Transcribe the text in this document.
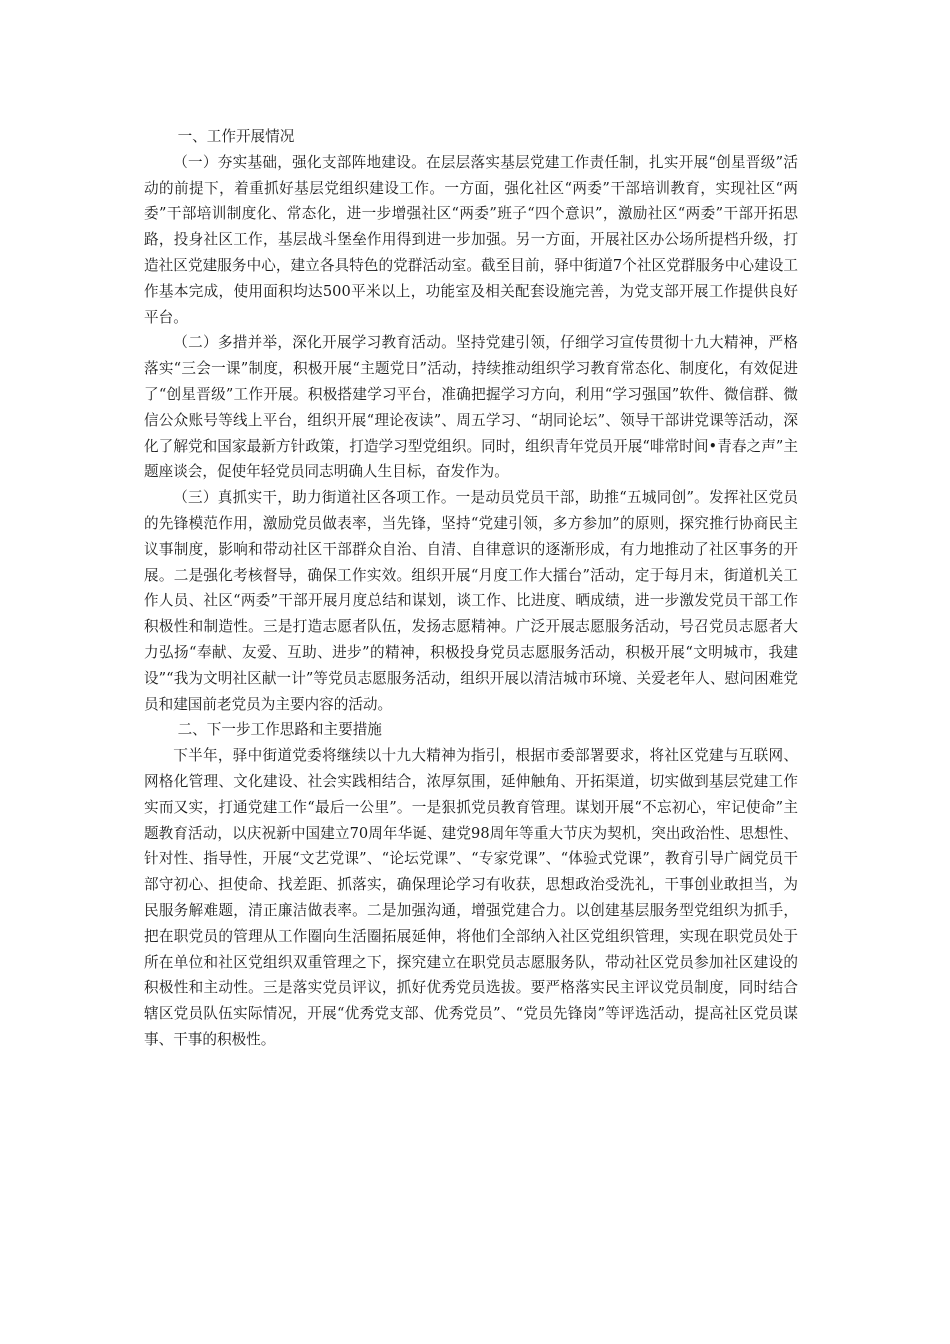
一、工作开展情况

（一）夯实基础，强化支部阵地建设。在层层落实基层党建工作责任制，扎实开展“创星晋级”活动的前提下，着重抓好基层党组织建设工作。一方面，强化社区“两委”干部培训教育，实现社区“两委”干部培训制度化、常态化，进一步增强社区“两委”班子“四个意识”，激励社区“两委”干部开拓思路，投身社区工作，基层战斗堡垒作用得到进一步加强。另一方面，开展社区办公场所提档升级，打造社区党建服务中心，建立各具特色的党群活动室。截至目前，驿中街道7个社区党群服务中心建设工作基本完成，使用面积均达500平米以上，功能室及相关配套设施完善，为党支部开展工作提供良好平台。

（二）多措并举，深化开展学习教育活动。坚持党建引领，仔细学习宣传贯彻十九大精神，严格落实“三会一课”制度，积极开展“主题党日”活动，持续推动组织学习教育常态化、制度化，有效促进了“创星晋级”工作开展。积极搭建学习平台，准确把握学习方向，利用“学习强国”软件、微信群、微信公众账号等线上平台，组织开展“理论夜读”、周五学习、“胡同论坛”、领导干部讲党课等活动，深化了解党和国家最新方针政策，打造学习型党组织。同时，组织青年党员开展“啡常时间•青春之声”主题座谈会，促使年轻党员同志明确人生目标，奋发作为。

（三）真抓实干，助力街道社区各项工作。一是动员党员干部，助推“五城同创”。发挥社区党员的先锋模范作用，激励党员做表率，当先锋，坚持“党建引领，多方参加”的原则，探究推行协商民主议事制度，影响和带动社区干部群众自治、自清、自律意识的逐渐形成，有力地推动了社区事务的开展。二是强化考核督导，确保工作实效。组织开展“月度工作大擂台”活动，定于每月末，街道机关工作人员、社区“两委”干部开展月度总结和谋划，谈工作、比进度、晒成绩，进一步激发党员干部工作积极性和制造性。三是打造志愿者队伍，发扬志愿精神。广泛开展志愿服务活动，号召党员志愿者大力弘扬“奉献、友爱、互助、进步”的精神，积极投身党员志愿服务活动，积极开展“文明城市，我建设”“我为文明社区献一计”等党员志愿服务活动，组织开展以清洁城市环境、关爱老年人、慰问困难党员和建国前老党员为主要内容的活动。

二、下一步工作思路和主要措施

下半年，驿中街道党委将继续以十九大精神为指引，根据市委部署要求，将社区党建与互联网、网格化管理、文化建设、社会实践相结合，浓厚氛围，延伸触角、开拓渠道，切实做到基层党建工作实而又实，打通党建工作“最后一公里”。一是狠抓党员教育管理。谋划开展“不忘初心，牢记使命”主题教育活动，以庆祝新中国建立70周年华诞、建党98周年等重大节庆为契机，突出政治性、思想性、针对性、指导性，开展“文艺党课”、“论坛党课”、“专家党课”、“体验式党课”，教育引导广阔党员干部守初心、担使命、找差距、抓落实，确保理论学习有收获，思想政治受洗礼，干事创业敢担当，为民服务解难题，清正廉洁做表率。二是加强沟通，增强党建合力。以创建基层服务型党组织为抓手，把在职党员的管理从工作圈向生活圈拓展延伸，将他们全部纳入社区党组织管理，实现在职党员处于所在单位和社区党组织双重管理之下，探究建立在职党员志愿服务队，带动社区党员参加社区建设的积极性和主动性。三是落实党员评议，抓好优秀党员选拔。要严格落实民主评议党员制度，同时结合辖区党员队伍实际情况，开展“优秀党支部、优秀党员”、“党员先锋岗”等评选活动，提高社区党员谋事、干事的积极性。
